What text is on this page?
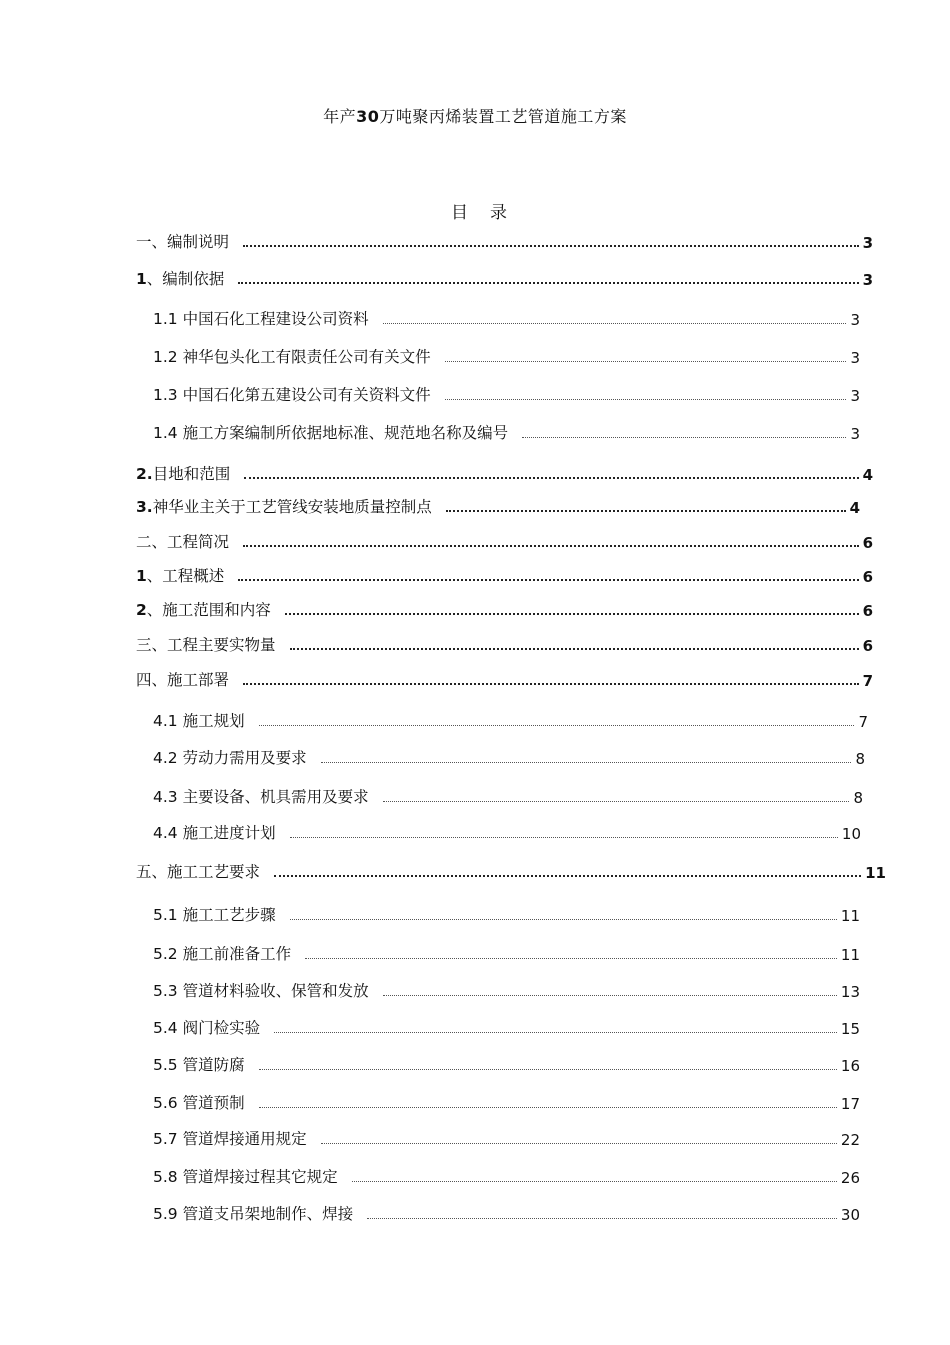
年产30万吨聚丙烯装置工艺管道施工方案
目录
一、编制说明	3
1、编制依据	3
1.1 中国石化工程建设公司资料	3
1.2 神华包头化工有限责任公司有关文件	3
1.3 中国石化第五建设公司有关资料文件	3
1.4 施工方案编制所依据地标准、规范地名称及编号	3
2.目地和范围	4
3.神华业主关于工艺管线安装地质量控制点	4
二、工程简况	6
1、工程概述	6
2、施工范围和内容	6
三、工程主要实物量	6
四、施工部署	7
4.1 施工规划	7
4.2 劳动力需用及要求	8
4.3 主要设备、机具需用及要求	8
4.4 施工进度计划	10
五、施工工艺要求	11
5.1 施工工艺步骤	11
5.2 施工前准备工作	11
5.3 管道材料验收、保管和发放	13
5.4 阀门检实验	15
5.5 管道防腐	16
5.6 管道预制	17
5.7 管道焊接通用规定	22
5.8 管道焊接过程其它规定	26
5.9 管道支吊架地制作、焊接	30
